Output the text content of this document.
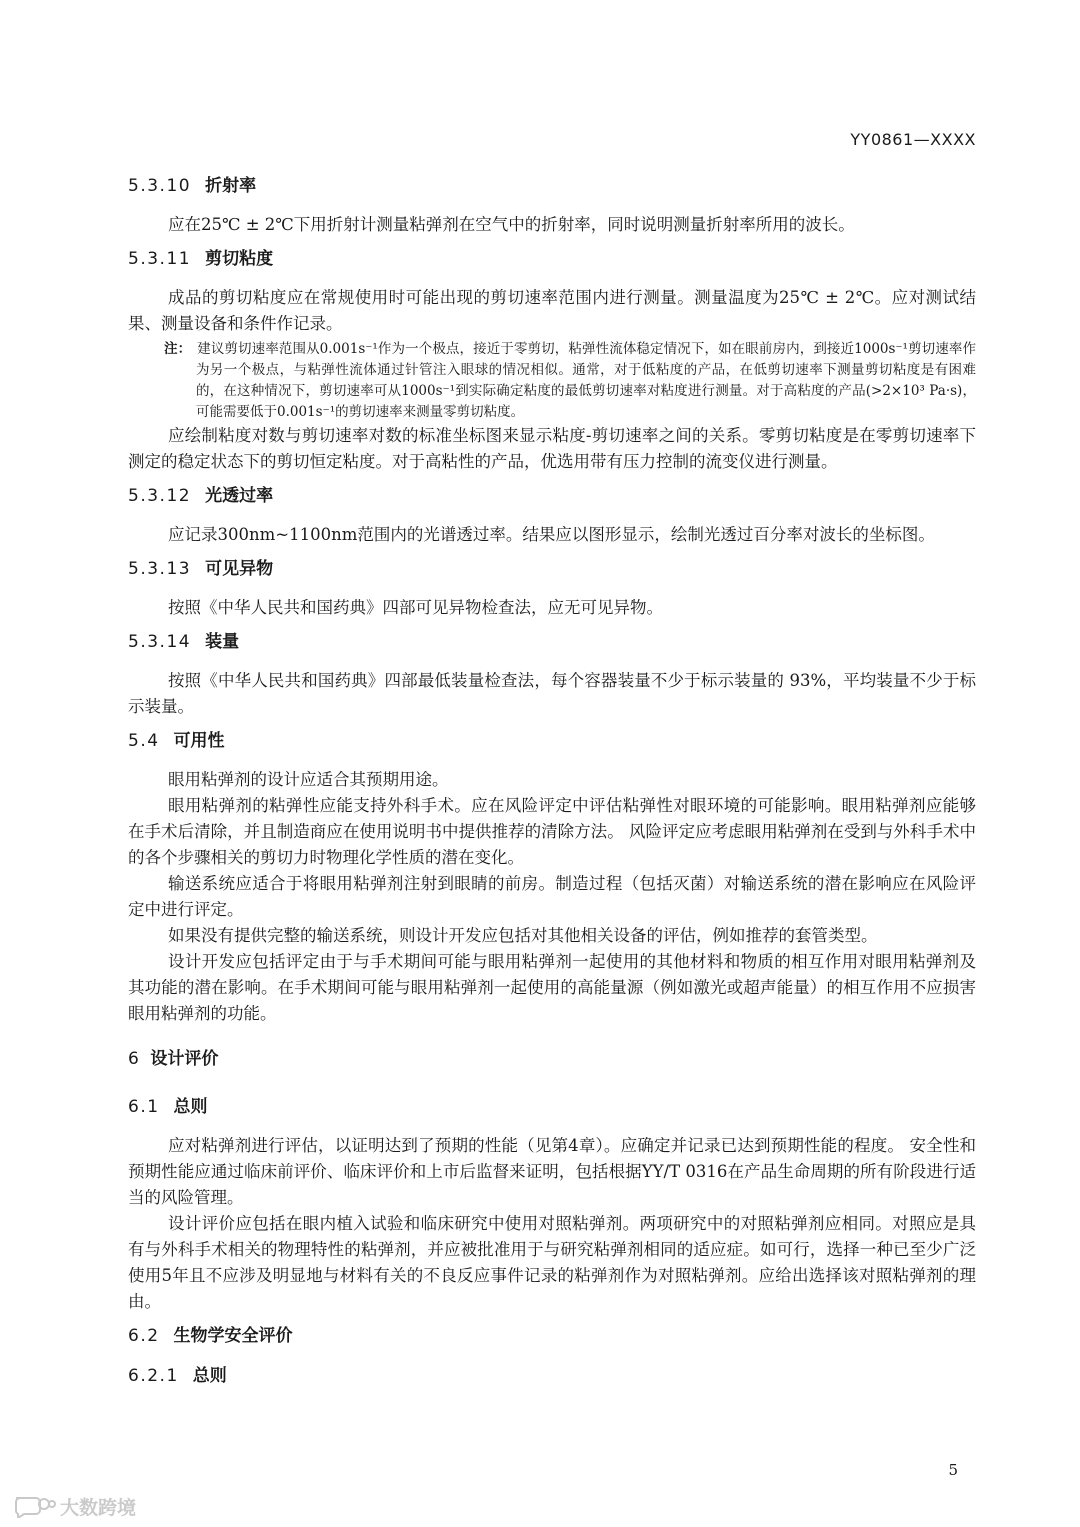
YY0861—XXXX
5.3.10 折射率

应在25℃ ± 2℃下用折射计测量粘弹剂在空气中的折射率，同时说明测量折射率所用的波长。

5.3.11 剪切粘度

成品的剪切粘度应在常规使用时可能出现的剪切速率范围内进行测量。测量温度为25℃ ± 2℃。应对测试结果、测量设备和条件作记录。

注： 建议剪切速率范围从0.001s⁻¹作为一个极点，接近于零剪切，粘弹性流体稳定情况下，如在眼前房内，到接近1000s⁻¹剪切速率作为另一个极点，与粘弹性流体通过针管注入眼球的情况相似。通常，对于低粘度的产品，在低剪切速率下测量剪切粘度是有困难的，在这种情况下，剪切速率可从1000s⁻¹到实际确定粘度的最低剪切速率对粘度进行测量。对于高粘度的产品(>2×10³ Pa·s)，可能需要低于0.001s⁻¹的剪切速率来测量零剪切粘度。

应绘制粘度对数与剪切速率对数的标准坐标图来显示粘度-剪切速率之间的关系。零剪切粘度是在零剪切速率下测定的稳定状态下的剪切恒定粘度。对于高粘性的产品，优选用带有压力控制的流变仪进行测量。

5.3.12 光透过率

应记录300nm~1100nm范围内的光谱透过率。结果应以图形显示，绘制光透过百分率对波长的坐标图。

5.3.13 可见异物

按照《中华人民共和国药典》四部可见异物检查法，应无可见异物。

5.3.14 装量

按照《中华人民共和国药典》四部最低装量检查法，每个容器装量不少于标示装量的 93%，平均装量不少于标示装量。

5.4 可用性

眼用粘弹剂的设计应适合其预期用途。

眼用粘弹剂的粘弹性应能支持外科手术。应在风险评定中评估粘弹性对眼环境的可能影响。眼用粘弹剂应能够在手术后清除，并且制造商应在使用说明书中提供推荐的清除方法。 风险评定应考虑眼用粘弹剂在受到与外科手术中的各个步骤相关的剪切力时物理化学性质的潜在变化。

输送系统应适合于将眼用粘弹剂注射到眼睛的前房。制造过程（包括灭菌）对输送系统的潜在影响应在风险评定中进行评定。

如果没有提供完整的输送系统，则设计开发应包括对其他相关设备的评估，例如推荐的套管类型。

设计开发应包括评定由于与手术期间可能与眼用粘弹剂一起使用的其他材料和物质的相互作用对眼用粘弹剂及其功能的潜在影响。在手术期间可能与眼用粘弹剂一起使用的高能量源（例如激光或超声能量）的相互作用不应损害眼用粘弹剂的功能。

6 设计评价
6.1 总则

应对粘弹剂进行评估，以证明达到了预期的性能（见第4章）。应确定并记录已达到预期性能的程度。 安全性和预期性能应通过临床前评价、临床评价和上市后监督来证明，包括根据YY/T 0316在产品生命周期的所有阶段进行适当的风险管理。

设计评价应包括在眼内植入试验和临床研究中使用对照粘弹剂。两项研究中的对照粘弹剂应相同。对照应是具有与外科手术相关的物理特性的粘弹剂，并应被批准用于与研究粘弹剂相同的适应症。如可行，选择一种已至少广泛使用5年且不应涉及明显地与材料有关的不良反应事件记录的粘弹剂作为对照粘弹剂。应给出选择该对照粘弹剂的理由。

6.2 生物学安全评价
6.2.1 总则
5
大数跨境
